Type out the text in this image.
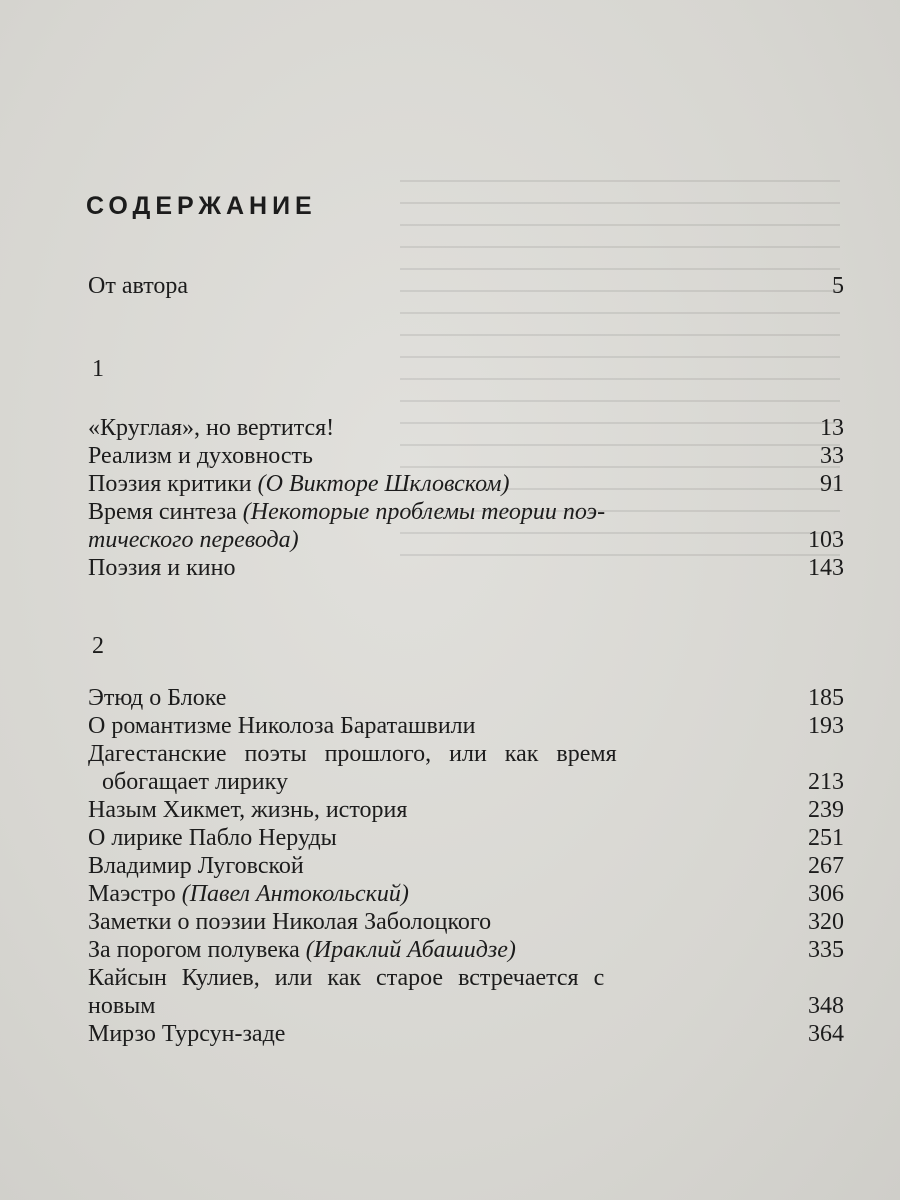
СОДЕРЖАНИЕ
От автора	5
1
«Круглая», но вертится!	13
Реализм и духовность	33
Поэзия критики (О Викторе Шкловском)	91
Время синтеза (Некоторые проблемы теории поэ-
тического перевода)	103
Поэзия и кино	143
2
Этюд о Блоке	185
О романтизме Николоза Бараташвили	193
Дагестанские поэты прошлого, или как время
обогащает лирику	213
Назым Хикмет, жизнь, история	239
О лирике Пабло Неруды	251
Владимир Луговской	267
Маэстро (Павел Антокольский)	306
Заметки о поэзии Николая Заболоцкого	320
За порогом полувека (Ираклий Абашидзе)	335
Кайсын Кулиев, или как старое встречается с
новым	348
Мирзо Турсун-заде	364
